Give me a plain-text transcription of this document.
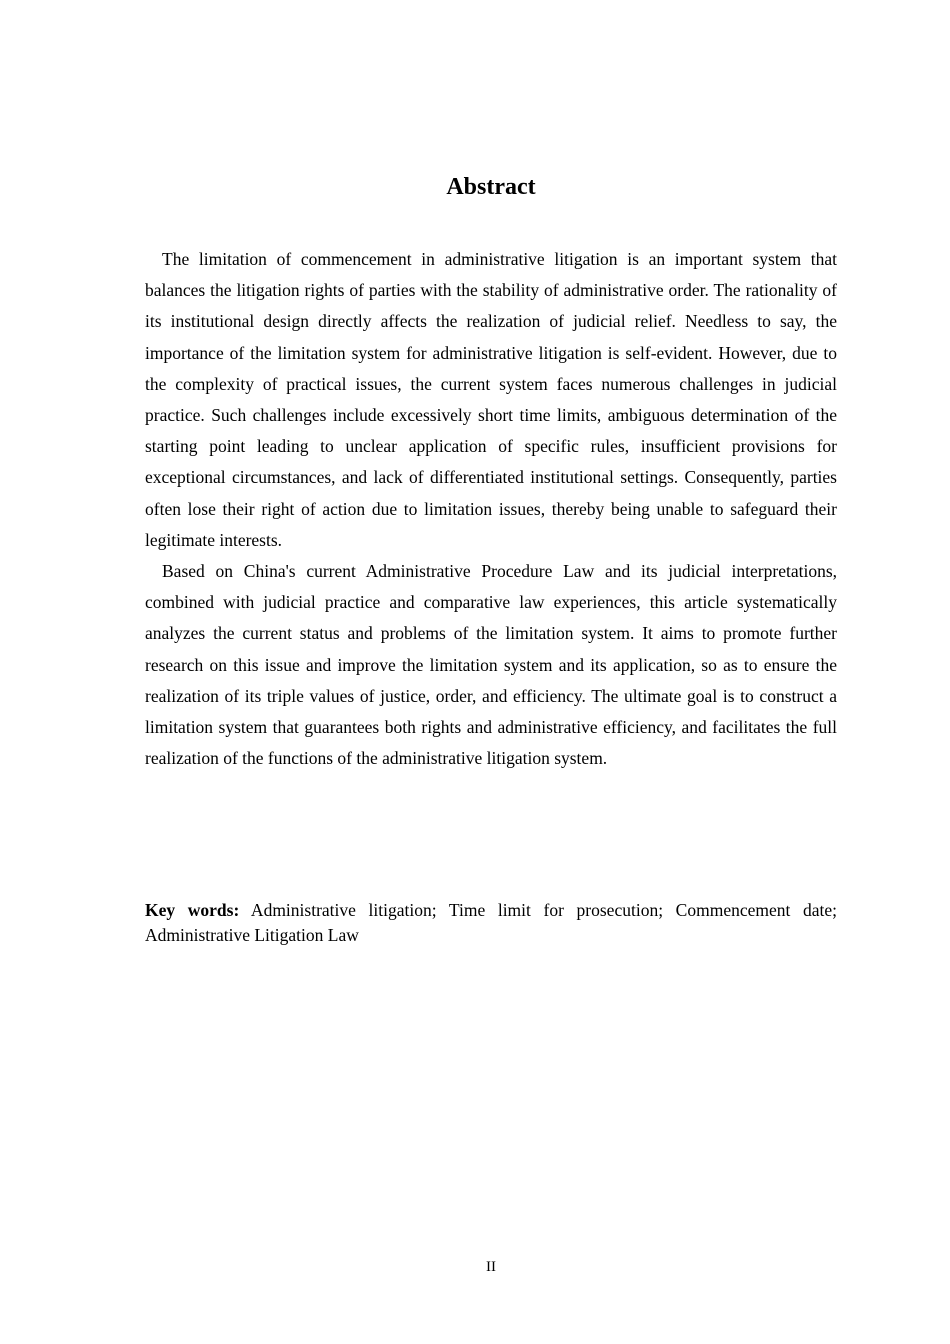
Abstract

The limitation of commencement in administrative litigation is an important system that balances the litigation rights of parties with the stability of administrative order. The rationality of its institutional design directly affects the realization of judicial relief. Needless to say, the importance of the limitation system for administrative litigation is self-evident. However, due to the complexity of practical issues, the current system faces numerous challenges in judicial practice. Such challenges include excessively short time limits, ambiguous determination of the starting point leading to unclear application of specific rules, insufficient provisions for exceptional circumstances, and lack of differentiated institutional settings. Consequently, parties often lose their right of action due to limitation issues, thereby being unable to safeguard their legitimate interests.

Based on China's current Administrative Procedure Law and its judicial interpretations, combined with judicial practice and comparative law experiences, this article systematically analyzes the current status and problems of the limitation system. It aims to promote further research on this issue and improve the limitation system and its application, so as to ensure the realization of its triple values of justice, order, and efficiency. The ultimate goal is to construct a limitation system that guarantees both rights and administrative efficiency, and facilitates the full realization of the functions of the administrative litigation system.

Key words: Administrative litigation; Time limit for prosecution; Commencement date; Administrative Litigation Law

II
